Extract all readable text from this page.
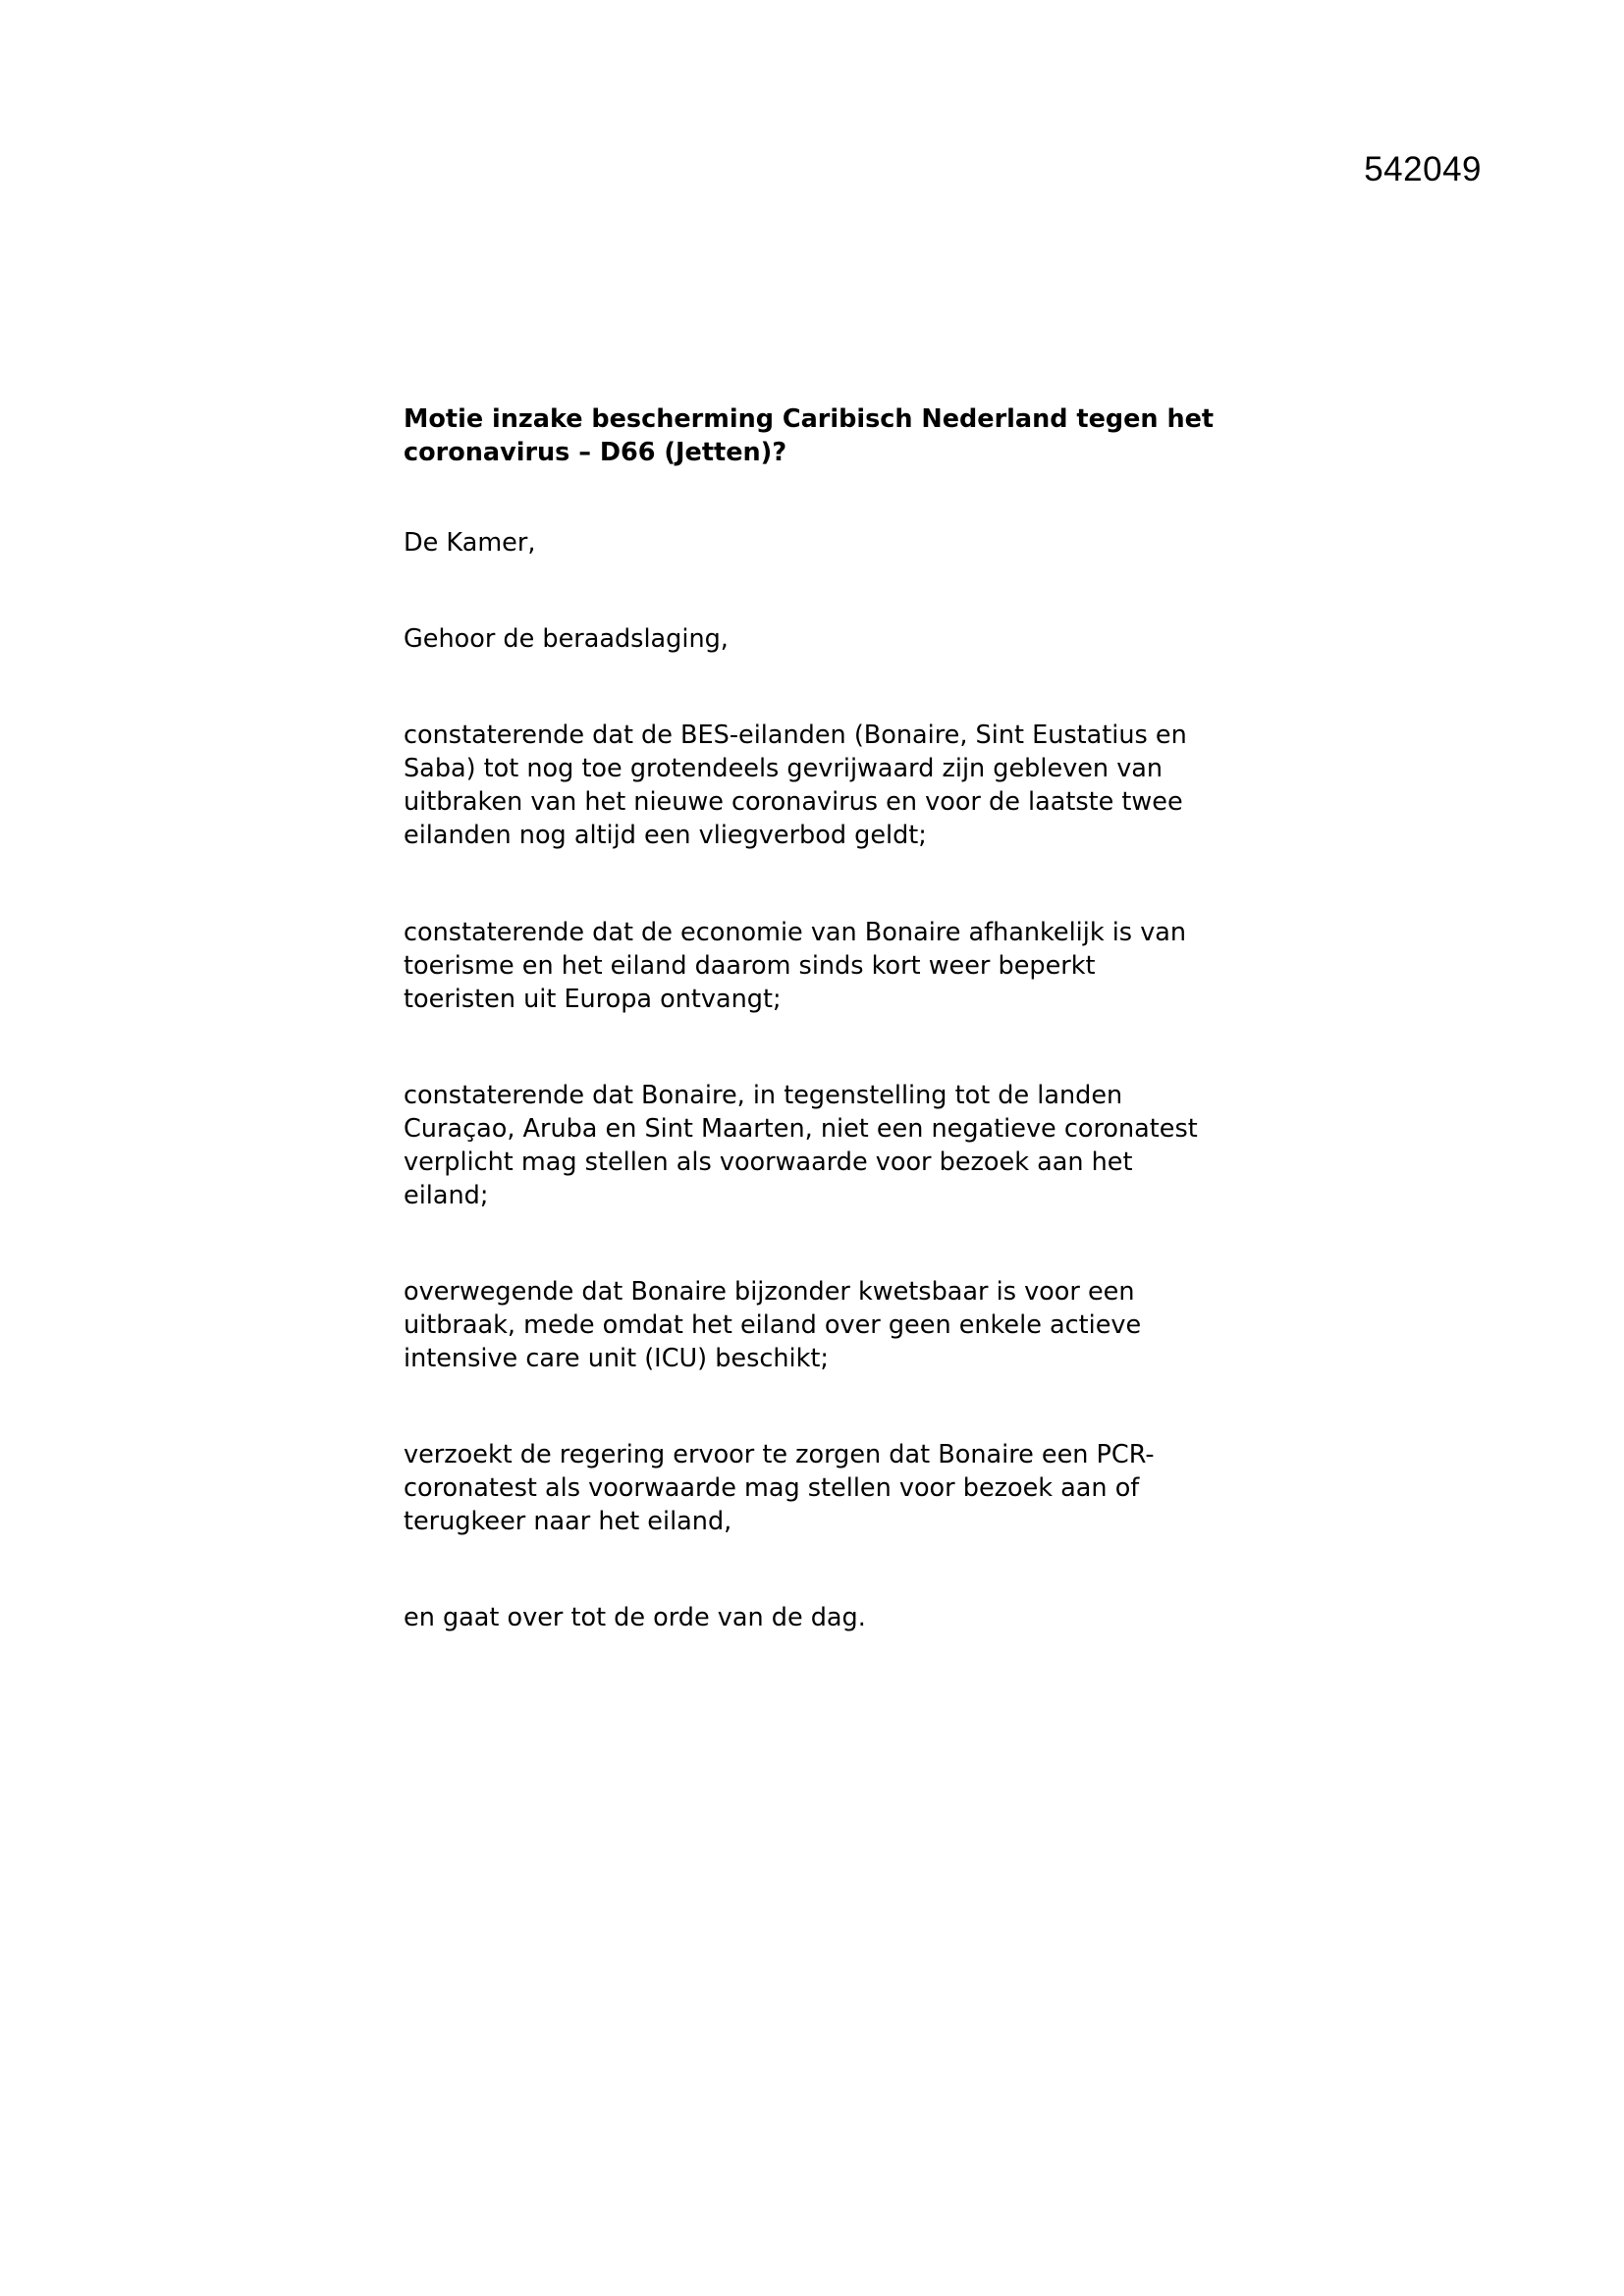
542049
Motie inzake bescherming Caribisch Nederland tegen het
coronavirus – D66 (Jetten)?

De Kamer,

Gehoor de beraadslaging,

constaterende dat de BES-eilanden (Bonaire, Sint Eustatius en
Saba) tot nog toe grotendeels gevrijwaard zijn gebleven van
uitbraken van het nieuwe coronavirus en voor de laatste twee
eilanden nog altijd een vliegverbod geldt;

constaterende dat de economie van Bonaire afhankelijk is van
toerisme en het eiland daarom sinds kort weer beperkt
toeristen uit Europa ontvangt;

constaterende dat Bonaire, in tegenstelling tot de landen
Curaçao, Aruba en Sint Maarten, niet een negatieve coronatest
verplicht mag stellen als voorwaarde voor bezoek aan het
eiland;

overwegende dat Bonaire bijzonder kwetsbaar is voor een
uitbraak, mede omdat het eiland over geen enkele actieve
intensive care unit (ICU) beschikt;

verzoekt de regering ervoor te zorgen dat Bonaire een PCR-
coronatest als voorwaarde mag stellen voor bezoek aan of
terugkeer naar het eiland,

en gaat over tot de orde van de dag.
